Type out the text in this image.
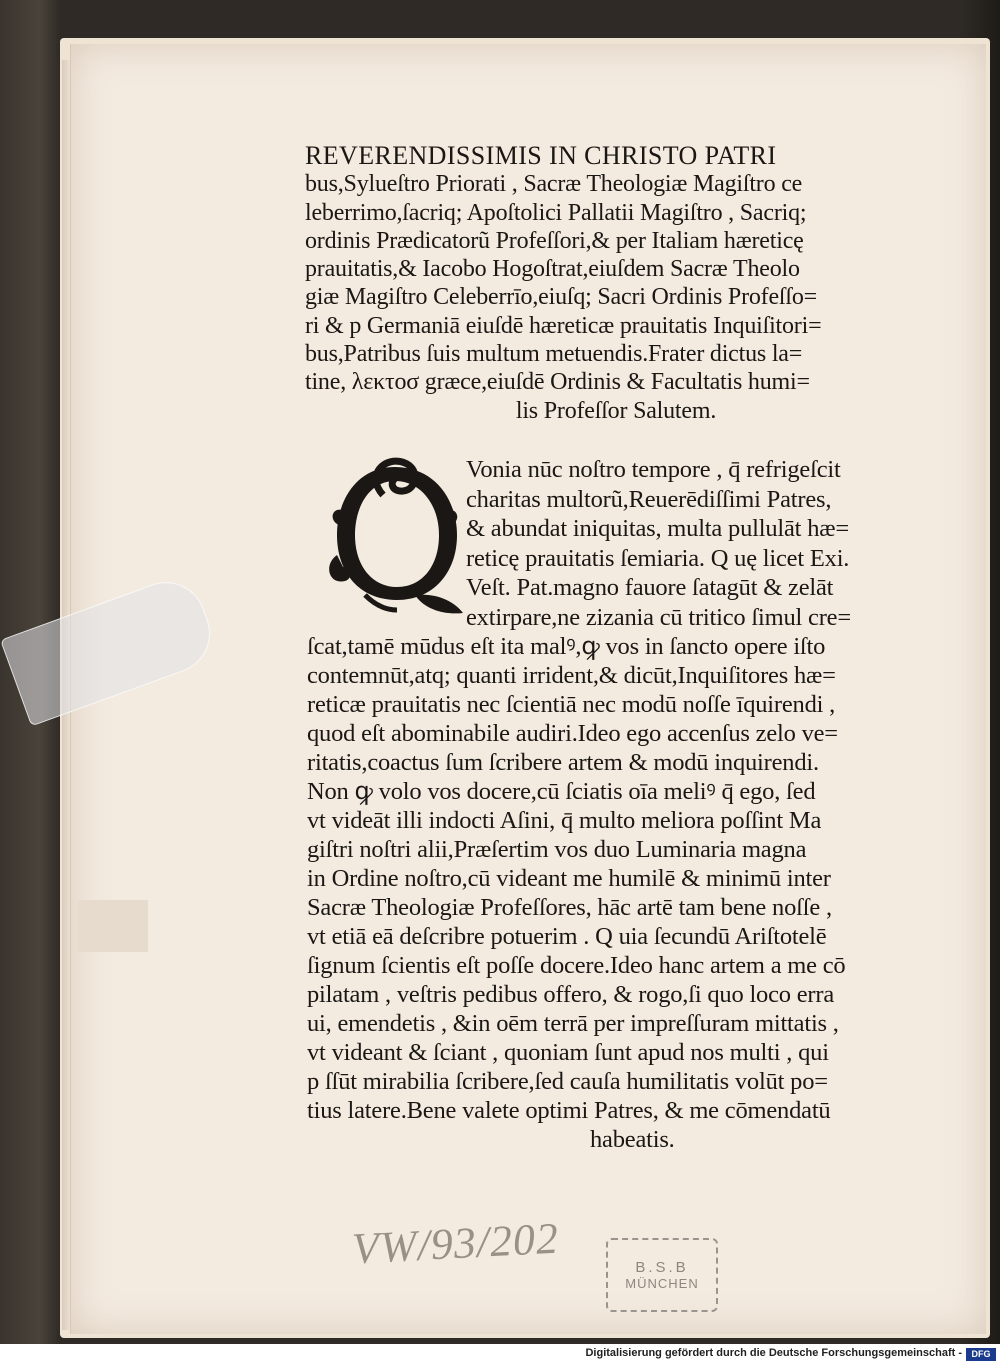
REVERENDISSIMIS IN CHRISTO PATRI
bus,Sylueſtro Priorati , Sacræ Theologiæ Magiſtro ce
leberrimo,ſacriq; Apoſtolici Pallatii Magiſtro , Sacriq;
ordinis Prædicatorũ Profeſſori,& per Italiam hæreticę
prauitatis,& Iacobo Hogoſtrat,eiuſdem Sacræ Theolo
giæ Magiſtro Celeberrīo,eiuſq; Sacri Ordinis Profeſſo=
ri & p Germaniā eiuſdē hæreticæ prauitatis Inquiſitori=
bus,Patribus ſuis multum metuendis.Frater dictus la=
tine, λεκτοσ græce,eiuſdē Ordinis & Facultatis humi=
lis Profeſſor Salutem.
Vonia nūc noſtro tempore , q̄ refrigeſcit
charitas multorũ,Reuerēdiſſimi Patres,
& abundat iniquitas, multa pullulāt hæ=
reticę prauitatis ſemiaria. Q uę licet Exi.
Veſt. Pat.magno fauore ſatagūt & zelāt
extirpare,ne zizania cū tritico ſimul cre=
ſcat,tamē mūdus eſt ita malꝰ,ꝙ vos in ſancto opere iſto
contemnūt,atq; quanti irrident,& dicūt,Inquiſitores hæ=
reticæ prauitatis nec ſcientiā nec modū noſſe īquirendi ,
quod eſt abominabile audiri.Ideo ego accenſus zelo ve=
ritatis,coactus ſum ſcribere artem & modū inquirendi.
Non ꝙ volo vos docere,cū ſciatis oīa meliꝰ q̄ ego, ſed
vt videāt illi indocti Aſini, q̄ multo meliora poſſint Ma
giſtri noſtri alii,Præſertim vos duo Luminaria magna
in Ordine noſtro,cū videant me humilē & minimū inter
Sacræ Theologiæ Profeſſores, hāc artē tam bene noſſe ,
vt etiā eā deſcribre potuerim . Q uia ſecundū Ariſtotelē
ſignum ſcientis eſt poſſe docere.Ideo hanc artem a me cō
pilatam , veſtris pedibus offero, & rogo,ſi quo loco erra
ui, emendetis , &in oēm terrā per impreſſuram mittatis ,
vt videant & ſciant , quoniam ſunt apud nos multi , qui
p ſſūt mirabilia ſcribere,ſed cauſa humilitatis volūt po=
tius latere.Bene valete optimi Patres, & me cōmendatū
habeatis.
VW/93/202	B.S.B
MÜNCHEN
Digitalisierung gefördert durch die Deutsche Forschungsgemeinschaft -	DFG
